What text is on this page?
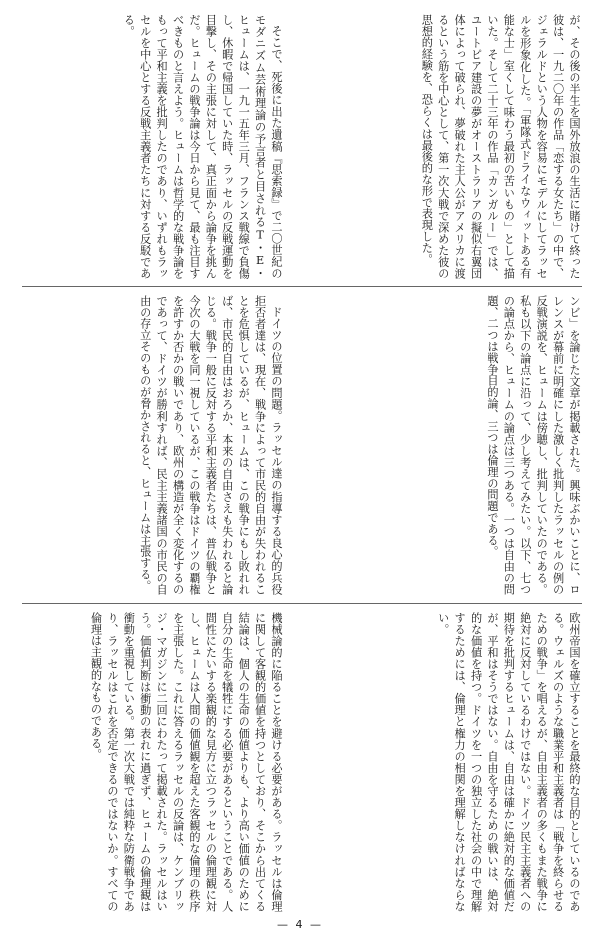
が、その後の半生を国外放浪の生活に賭けて終った彼は、一九二〇年の作品「恋する女たち」の中で、ジェラルドという人物を容易にモデルにしてラッセルを形象化した。「軍隊式ドライなウィットある有能な士」室くして味わう最初の苦いもの」として描いた。そして二十三年の作品「カンガルー」では、ユートピア建設の夢がオーストラリアの擬似右翼団体によって破られ、夢破れた主人公がアメリカに渡るという筋を中心として、第一次大戦で深めた彼の思想的経験を、恐らくは最後的な形で表現した。

そこで、死後に出た遺稿『思索録』で二〇世紀のモダニズム芸術理論の予言者と目されるT・E・ヒュームは、一九一五年三月、フランス戦線で負傷し、休暇で帰国していた時、ラッセルの反戦運動を目撃し、その主張に対して、真正面から論争を挑んだ。ヒュームの戦争論は今日から見て、最も注目すべきものと言えよう。ヒュームは哲学的な戦争論をもって平和主義を批判したのであり、いずれもラッセルを中心とする反戦主義者たちに対する反駁である。

ンビ」を論じた文章が掲載された。興味ぶかいことに、ロレンスが幕前に明確にした激しく批判したラッセルの例の反戦演説を、ヒュームは傍聴し、批判していたのである。私も以下の論点に沿って、少し考えてみたい。以下、七つの論点から、ヒュームの論点は三つある。一つは自由の問題、二つは戦争目的論、三つは倫理の問題である。

ドイツの位置の問題。ラッセル達の指導する良心的兵役拒否者達は、現在、戦争によって市民的自由が失われることを危惧しているが、ヒュームは、この戦争にもし敗れれば、市民的自由はおろか、本来の自由さえも失われると論じる。戦争一般に反対する平和主義者たちは、普仏戦争と今次の大戦を同一視しているが、この戦争はドイツの覇権を許すか否かの戦いであり、欧州の構造が全く変化するのであって、ドイツが勝利すれば、民主主義諸国の市民の自由の存立そのものが脅かされると、ヒュームは主張する。

欧州帝国を確立することを最終的な目的としているのである。ウェルズのような職業平和主義者は「戦争を終らせるための戦争」を唱えるが、自由主義者の多くもまた戦争に絶対に反対しているわけではない。ドイツ民主主義者への期待を批判するヒュームは、自由は確かに絶対的な価値だが、平和はそうではない。自由を守るための戦いは、絶対的な価値を持つ。ドイツを一つの独立した社会の中で理解するためには、倫理と権力の相関を理解しなければならない。

機械論的に陥ることを避ける必要がある。ラッセルは倫理に関して客観的価値を持つとしており、そこから出てくる結論は、個人の生命の価値よりも、より高い価値のために自分の生命を犠牲にする必要があるということである。人間性にたいする楽観的な見方に立つラッセルの倫理観に対し、ヒュームは人間の価値観を超えた客観的な倫理の秩序を主張した。これに答えるラッセルの反論は、ケンブリッジ・マガジンに二回にわたって掲載された。ラッセルはいう。価値判断は衝動の表れに過ぎず、ヒュームの倫理観は衝動を重視している。第一次大戦では純粋な防衛戦争であり、ラッセルはこれを否定できるのではないか。すべての倫理は主観的なものである。

— 4 —
